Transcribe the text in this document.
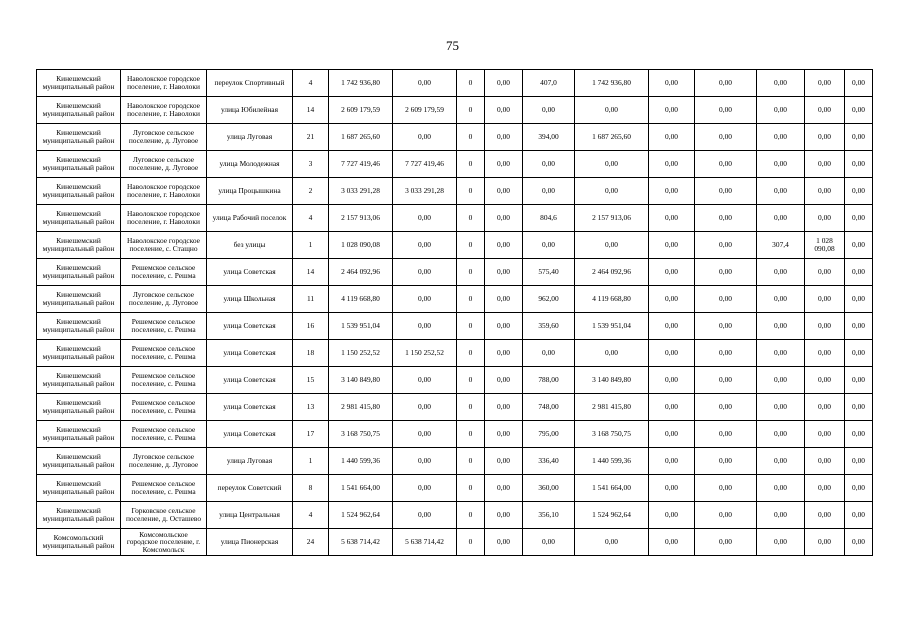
75
Кинешемский муниципальный район	Наволокское городское поселение, г. Наволоки	переулок Спортивный	4	1 742 936,80	0,00	0	0,00	407,0	1 742 936,80	0,00	0,00	0,00	0,00	0,00
Кинешемский муниципальный район	Наволокское городское поселение, г. Наволоки	улица Юбилейная	14	2 609 179,59	2 609 179,59	0	0,00	0,00	0,00	0,00	0,00	0,00	0,00	0,00
Кинешемский муниципальный район	Луговское сельское поселение, д. Луговое	улица Луговая	21	1 687 265,60	0,00	0	0,00	394,00	1 687 265,60	0,00	0,00	0,00	0,00	0,00
Кинешемский муниципальный район	Луговское сельское поселение, д. Луговое	улица Молодежная	3	7 727 419,46	7 727 419,46	0	0,00	0,00	0,00	0,00	0,00	0,00	0,00	0,00
Кинешемский муниципальный район	Наволокское городское поселение, г. Наволоки	улица Процышкина	2	3 033 291,28	3 033 291,28	0	0,00	0,00	0,00	0,00	0,00	0,00	0,00	0,00
Кинешемский муниципальный район	Наволокское городское поселение, г. Наволоки	улица Рабочий поселок	4	2 157 913,06	0,00	0	0,00	804,6	2 157 913,06	0,00	0,00	0,00	0,00	0,00
Кинешемский муниципальный район	Наволокское городское поселение, с. Стащно	без улицы	1	1 028 090,08	0,00	0	0,00	0,00	0,00	0,00	0,00	307,4	1 028 090,08	0,00
Кинешемский муниципальный район	Решемское сельское поселение, с. Решма	улица Советская	14	2 464 092,96	0,00	0	0,00	575,40	2 464 092,96	0,00	0,00	0,00	0,00	0,00
Кинешемский муниципальный район	Луговское сельское поселение, д. Луговое	улица Школьная	11	4 119 668,80	0,00	0	0,00	962,00	4 119 668,80	0,00	0,00	0,00	0,00	0,00
Кинешемский муниципальный район	Решемское сельское поселение, с. Решма	улица Советская	16	1 539 951,04	0,00	0	0,00	359,60	1 539 951,04	0,00	0,00	0,00	0,00	0,00
Кинешемский муниципальный район	Решемское сельское поселение, с. Решма	улица Советская	18	1 150 252,52	1 150 252,52	0	0,00	0,00	0,00	0,00	0,00	0,00	0,00	0,00
Кинешемский муниципальный район	Решемское сельское поселение, с. Решма	улица Советская	15	3 140 849,80	0,00	0	0,00	788,00	3 140 849,80	0,00	0,00	0,00	0,00	0,00
Кинешемский муниципальный район	Решемское сельское поселение, с. Решма	улица Советская	13	2 981 415,80	0,00	0	0,00	748,00	2 981 415,80	0,00	0,00	0,00	0,00	0,00
Кинешемский муниципальный район	Решемское сельское поселение, с. Решма	улица Советская	17	3 168 750,75	0,00	0	0,00	795,00	3 168 750,75	0,00	0,00	0,00	0,00	0,00
Кинешемский муниципальный район	Луговское сельское поселение, д. Луговое	улица Луговая	1	1 440 599,36	0,00	0	0,00	336,40	1 440 599,36	0,00	0,00	0,00	0,00	0,00
Кинешемский муниципальный район	Решемское сельское поселение, с. Решма	переулок Советский	8	1 541 664,00	0,00	0	0,00	360,00	1 541 664,00	0,00	0,00	0,00	0,00	0,00
Кинешемский муниципальный район	Горковское сельское поселение, д. Осташево	улица Центральная	4	1 524 962,64	0,00	0	0,00	356,10	1 524 962,64	0,00	0,00	0,00	0,00	0,00
Комсомольский муниципальный район	Комсомольское городское поселение, г. Комсомольск	улица Пионерская	24	5 638 714,42	5 638 714,42	0	0,00	0,00	0,00	0,00	0,00	0,00	0,00	0,00
